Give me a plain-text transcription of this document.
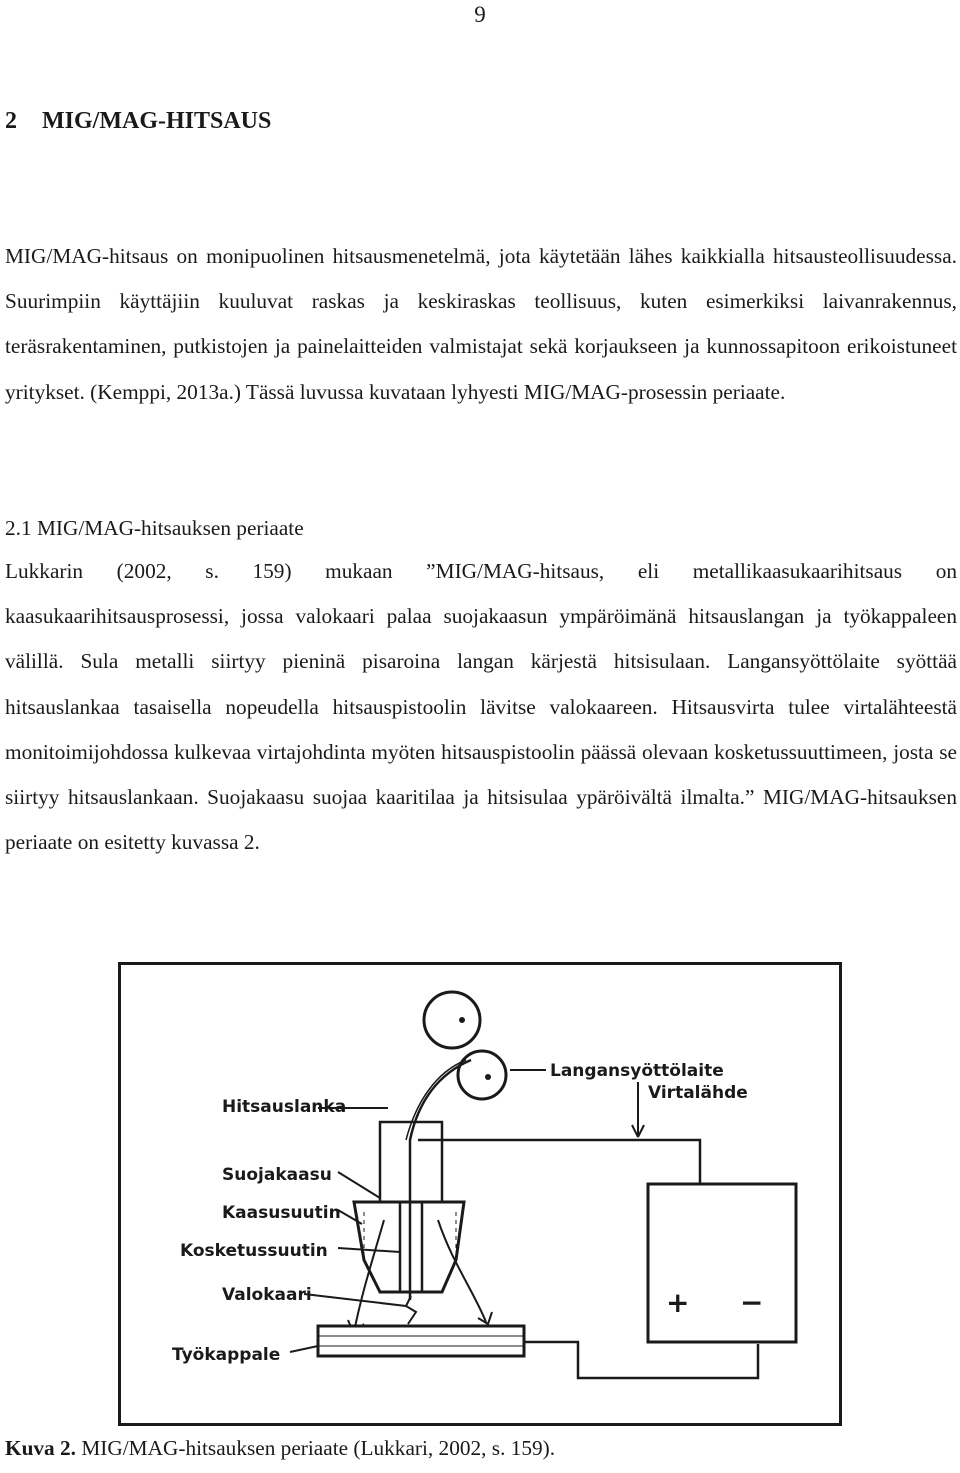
9
2 MIG/MAG-HITSAUS

MIG/MAG-hitsaus on monipuolinen hitsausmenetelmä, jota käytetään lähes kaikkialla hitsausteollisuudessa. Suurimpiin käyttäjiin kuuluvat raskas ja keskiraskas teollisuus, kuten esimerkiksi laivanrakennus, teräsrakentaminen, putkistojen ja painelaitteiden valmistajat sekä korjaukseen ja kunnossapitoon erikoistuneet yritykset. (Kemppi, 2013a.) Tässä luvussa kuvataan lyhyesti MIG/MAG-prosessin periaate.

2.1 MIG/MAG-hitsauksen periaate

Lukkarin (2002, s. 159) mukaan ”MIG/MAG-hitsaus, eli metallikaasukaarihitsaus on kaasukaarihitsausprosessi, jossa valokaari palaa suojakaasun ympäröimänä hitsauslangan ja työkappaleen välillä. Sula metalli siirtyy pieninä pisaroina langan kärjestä hitsisulaan. Langansyöttölaite syöttää hitsauslankaa tasaisella nopeudella hitsauspistoolin lävitse valokaareen. Hitsausvirta tulee virtalähteestä monitoimijohdossa kulkevaa virtajohdinta myöten hitsauspistoolin päässä olevaan kosketussuuttimeen, josta se siirtyy hitsauslankaan. Suojakaasu suojaa kaaritilaa ja hitsisulaa ypäröivältä ilmalta.” MIG/MAG-hitsauksen periaate on esitetty kuvassa 2.

+ −
Langansyöttölaite
Hitsauslanka
Virtalähde
Suojakaasu
Kaasusuutin
Kosketussuutin
Valokaari
Työkappale

Kuva 2. MIG/MAG-hitsauksen periaate (Lukkari, 2002, s. 159).
